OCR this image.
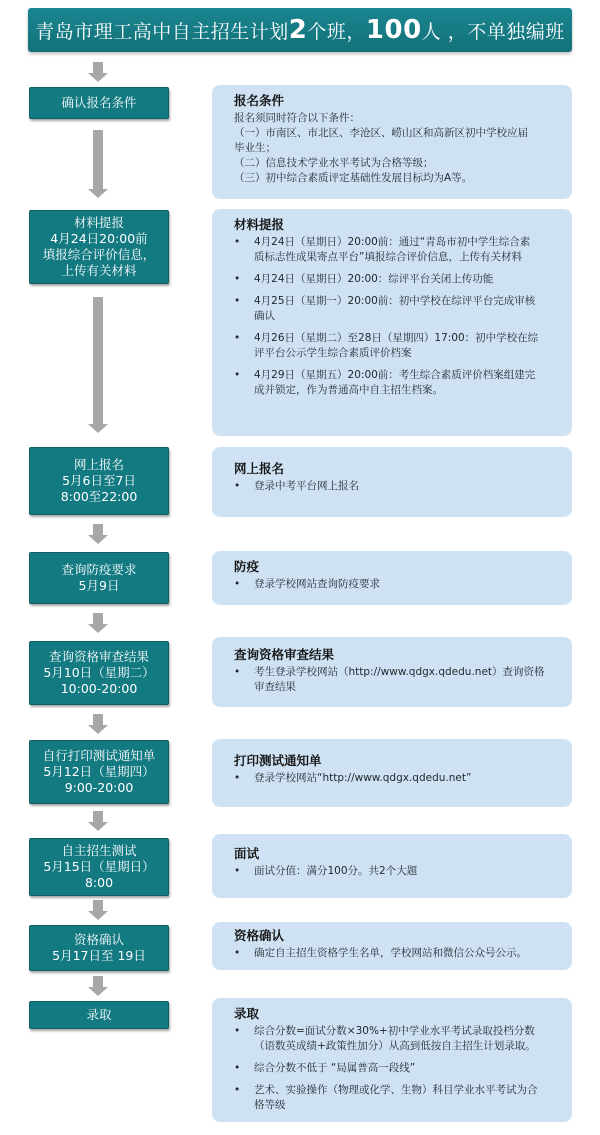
青岛市理工高中自主招生计划2个班，100人 ，不单独编班
确认报名条件
材料提报
4月24日20:00前
填报综合评价信息，
上传有关材料
网上报名
5月6日至7日
8:00至22:00
查询防疫要求
5月9日
查询资格审查结果
5月10日（星期二）
10:00-20:00
自行打印测试通知单
5月12日（星期四）
9:00-20:00
自主招生测试
5月15日（星期日）
8:00
资格确认
5月17日至 19日
录取
报名条件
报名须同时符合以下条件：
（一）市南区、市北区、李沧区、崂山区和高新区初中学校应届
毕业生；
（二）信息技术学业水平考试为合格等级；
（三）初中综合素质评定基础性发展目标均为A等。
材料提报
• 4月24日（星期日）20:00前：通过“青岛市初中学生综合素
质标志性成果寄点平台”填报综合评价信息，上传有关材料
• 4月24日（星期日）20:00：综评平台关闭上传功能
• 4月25日（星期一）20:00前：初中学校在综评平台完成审核
确认
• 4月26日（星期二）至28日（星期四）17:00：初中学校在综
评平台公示学生综合素质评价档案
• 4月29日（星期五）20:00前：考生综合素质评价档案组建完
成并锁定，作为普通高中自主招生档案。
网上报名
• 登录中考平台网上报名
防疫
• 登录学校网站查询防疫要求
查询资格审查结果
• 考生登录学校网站（http://www.qdgx.qdedu.net）查询资格
审查结果
打印测试通知单
• 登录学校网站“http://www.qdgx.qdedu.net”
面试
• 面试分值：满分100分。共2个大题
资格确认
• 确定自主招生资格学生名单，学校网站和微信公众号公示。
录取
• 综合分数=面试分数×30%+初中学业水平考试录取投档分数
（语数英成绩+政策性加分）从高到低按自主招生计划录取。
• 综合分数不低于 “局属普高一段线”
• 艺术、实验操作（物理或化学、生物）科目学业水平考试为合
格等级
